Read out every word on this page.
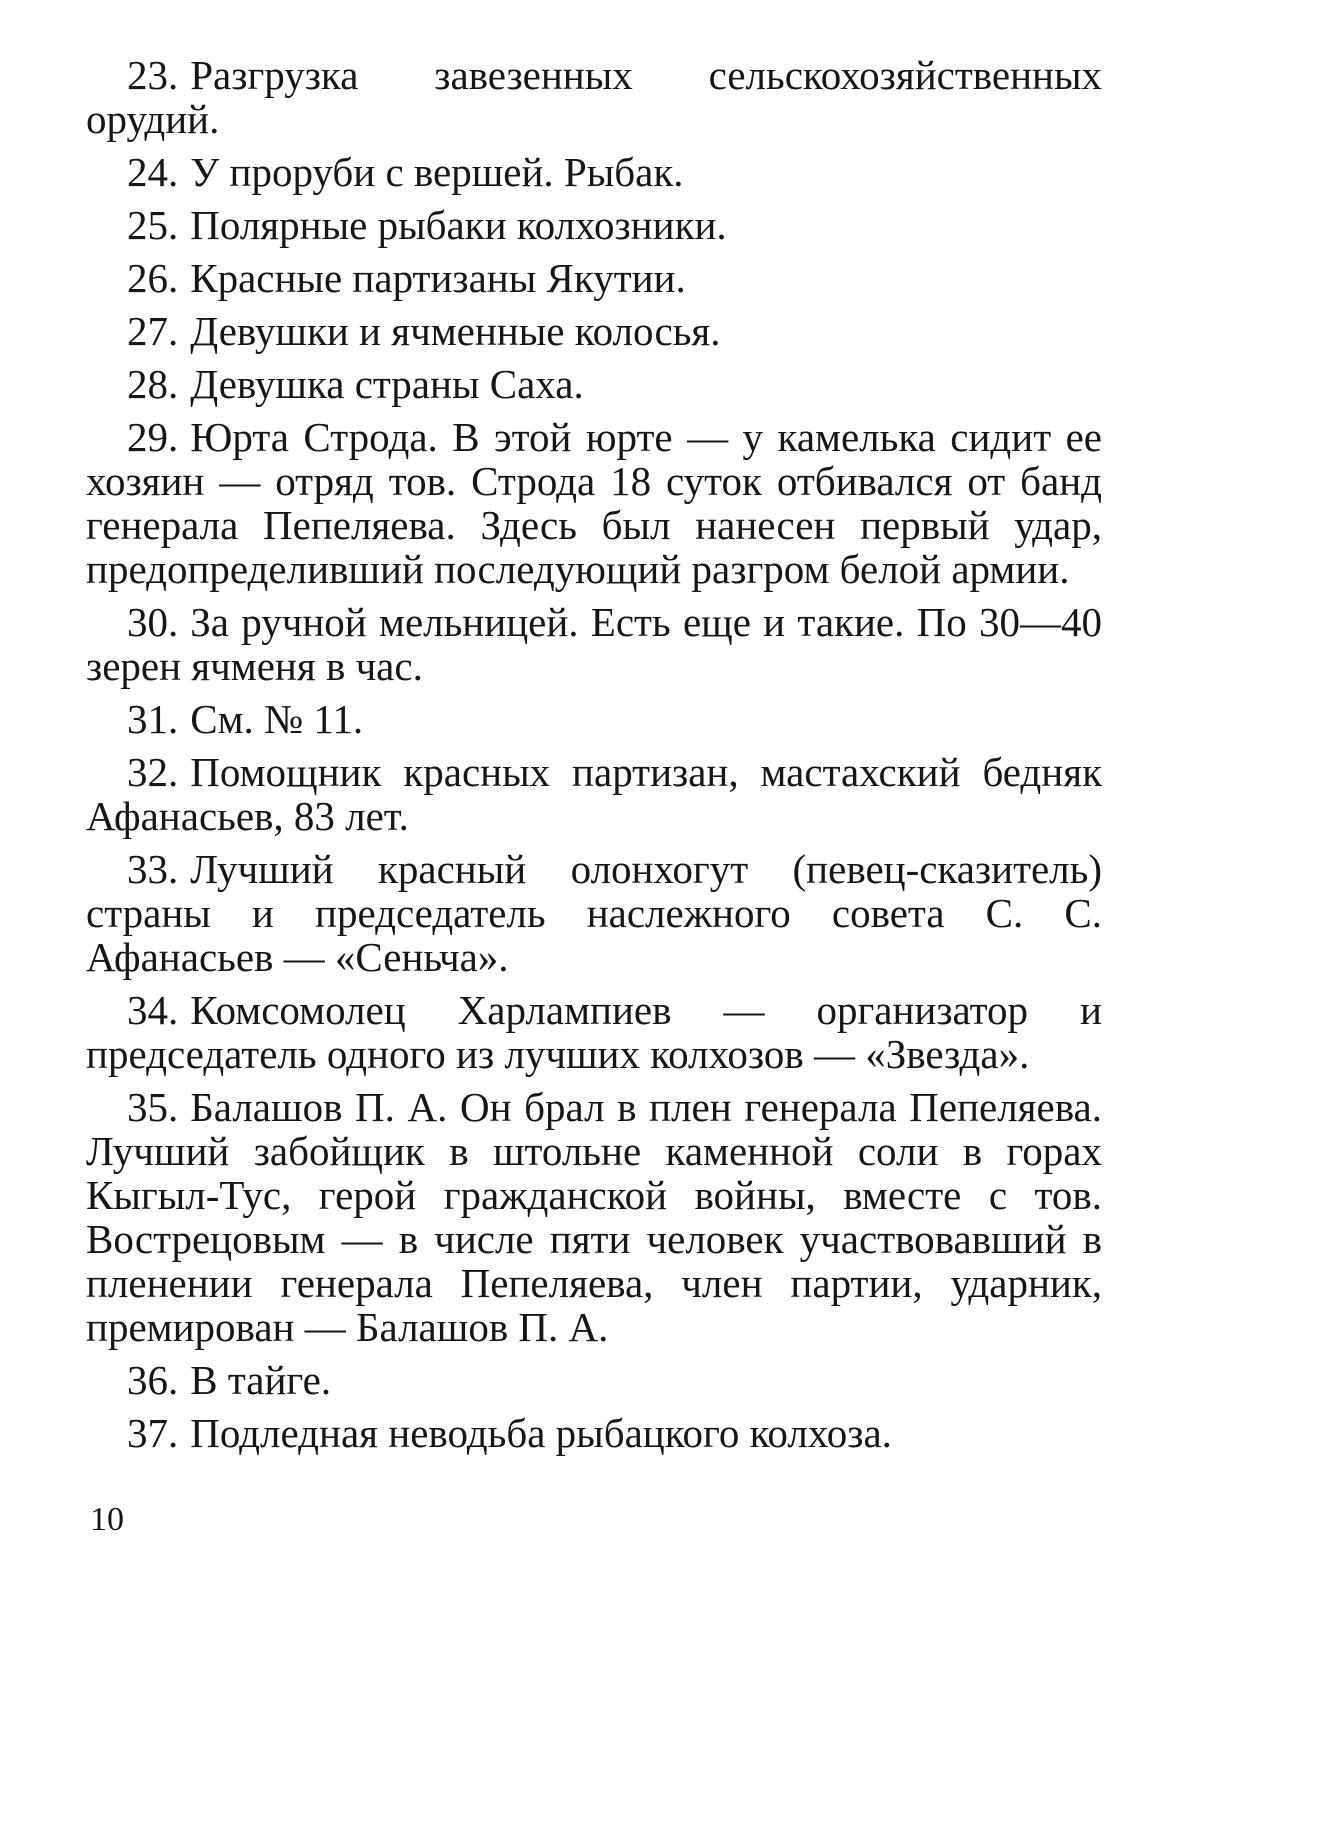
23. Разгрузка завезенных сельскохозяйственных орудий.

24. У проруби с вершей. Рыбак.

25. Полярные рыбаки колхозники.

26. Красные партизаны Якутии.

27. Девушки и ячменные колосья.

28. Девушка страны Саха.

29. Юрта Строда. В этой юрте — у камелька сидит ее хозяин — отряд тов. Строда 18 суток отбивался от банд генерала Пепеляева. Здесь был нанесен первый удар, предопределивший последующий разгром белой армии.

30. За ручной мельницей. Есть еще и такие. По 30—40 зерен ячменя в час.

31. См. № 11.

32. Помощник красных партизан, мастахский бедняк Афанасьев, 83 лет.

33. Лучший красный олонхогут (певец-сказитель) страны и председатель наслежного совета С. С. Афанасьев — «Сеньча».

34. Комсомолец Харлампиев — организатор и председатель одного из лучших колхозов — «Звезда».

35. Балашов П. А. Он брал в плен генерала Пепеляева. Лучший забойщик в штольне каменной соли в горах Кыгыл-Тус, герой гражданской войны, вместе с тов. Вострецовым — в числе пяти человек участвовавший в пленении генерала Пепеляева, член партии, ударник, премирован — Балашов П. А.

36. В тайге.

37. Подледная неводьба рыбацкого колхоза.

10
